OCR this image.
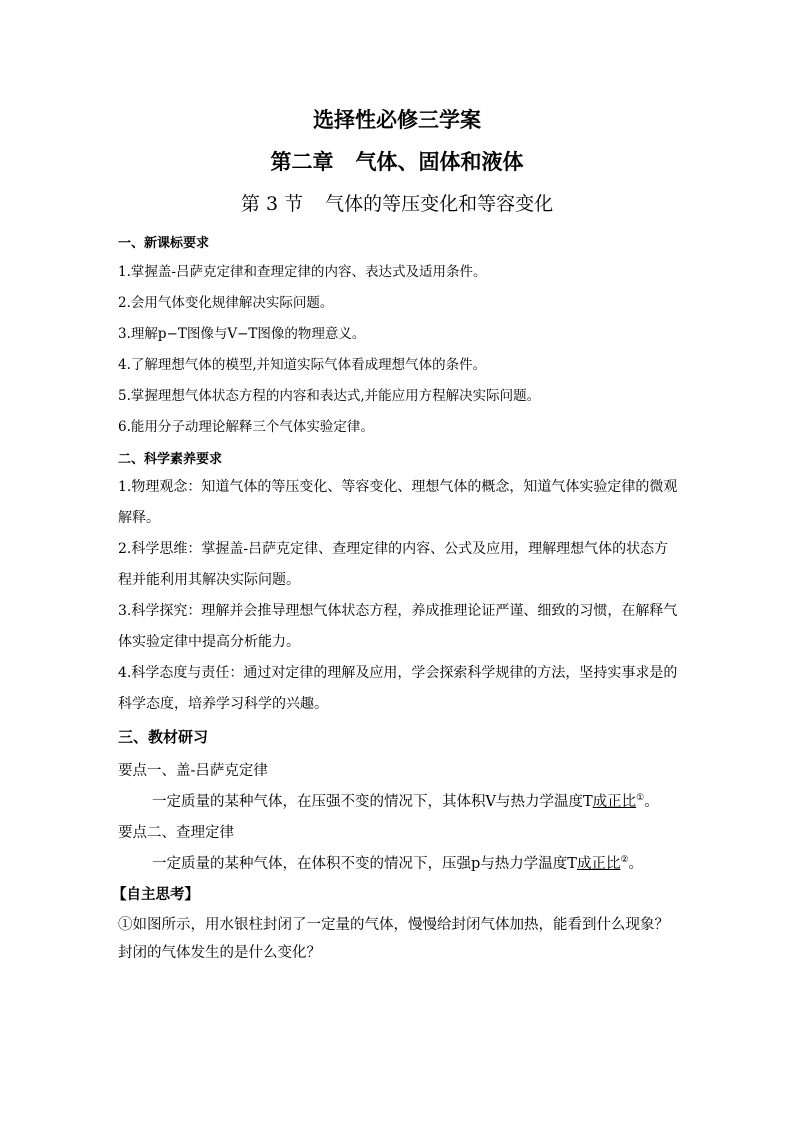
选择性必修三学案
第二章 气体、固体和液体
第 3 节 气体的等压变化和等容变化
一、新课标要求
1.掌握盖-吕萨克定律和查理定律的内容、表达式及适用条件。
2.会用气体变化规律解决实际问题。
3.理解p−T图像与V−T图像的物理意义。
4.了解理想气体的模型,并知道实际气体看成理想气体的条件。
5.掌握理想气体状态方程的内容和表达式,并能应用方程解决实际问题。
6.能用分子动理论解释三个气体实验定律。
二、科学素养要求
1.物理观念：知道气体的等压变化、等容变化、理想气体的概念，知道气体实验定律的微观解释。
2.科学思维：掌握盖-吕萨克定律、查理定律的内容、公式及应用，理解理想气体的状态方程并能利用其解决实际问题。
3.科学探究：理解并会推导理想气体状态方程，养成推理论证严谨、细致的习惯，在解释气体实验定律中提高分析能力。
4.科学态度与责任：通过对定律的理解及应用，学会探索科学规律的方法，坚持实事求是的科学态度，培养学习科学的兴趣。
三、教材研习
要点一、盖-吕萨克定律
一定质量的某种气体，在压强不变的情况下，其体积V与热力学温度T成正比①。
要点二、查理定律
一定质量的某种气体，在体积不变的情况下，压强p与热力学温度T成正比②。
【自主思考】
①如图所示，用水银柱封闭了一定量的气体，慢慢给封闭气体加热，能看到什么现象？封闭的气体发生的是什么变化？
